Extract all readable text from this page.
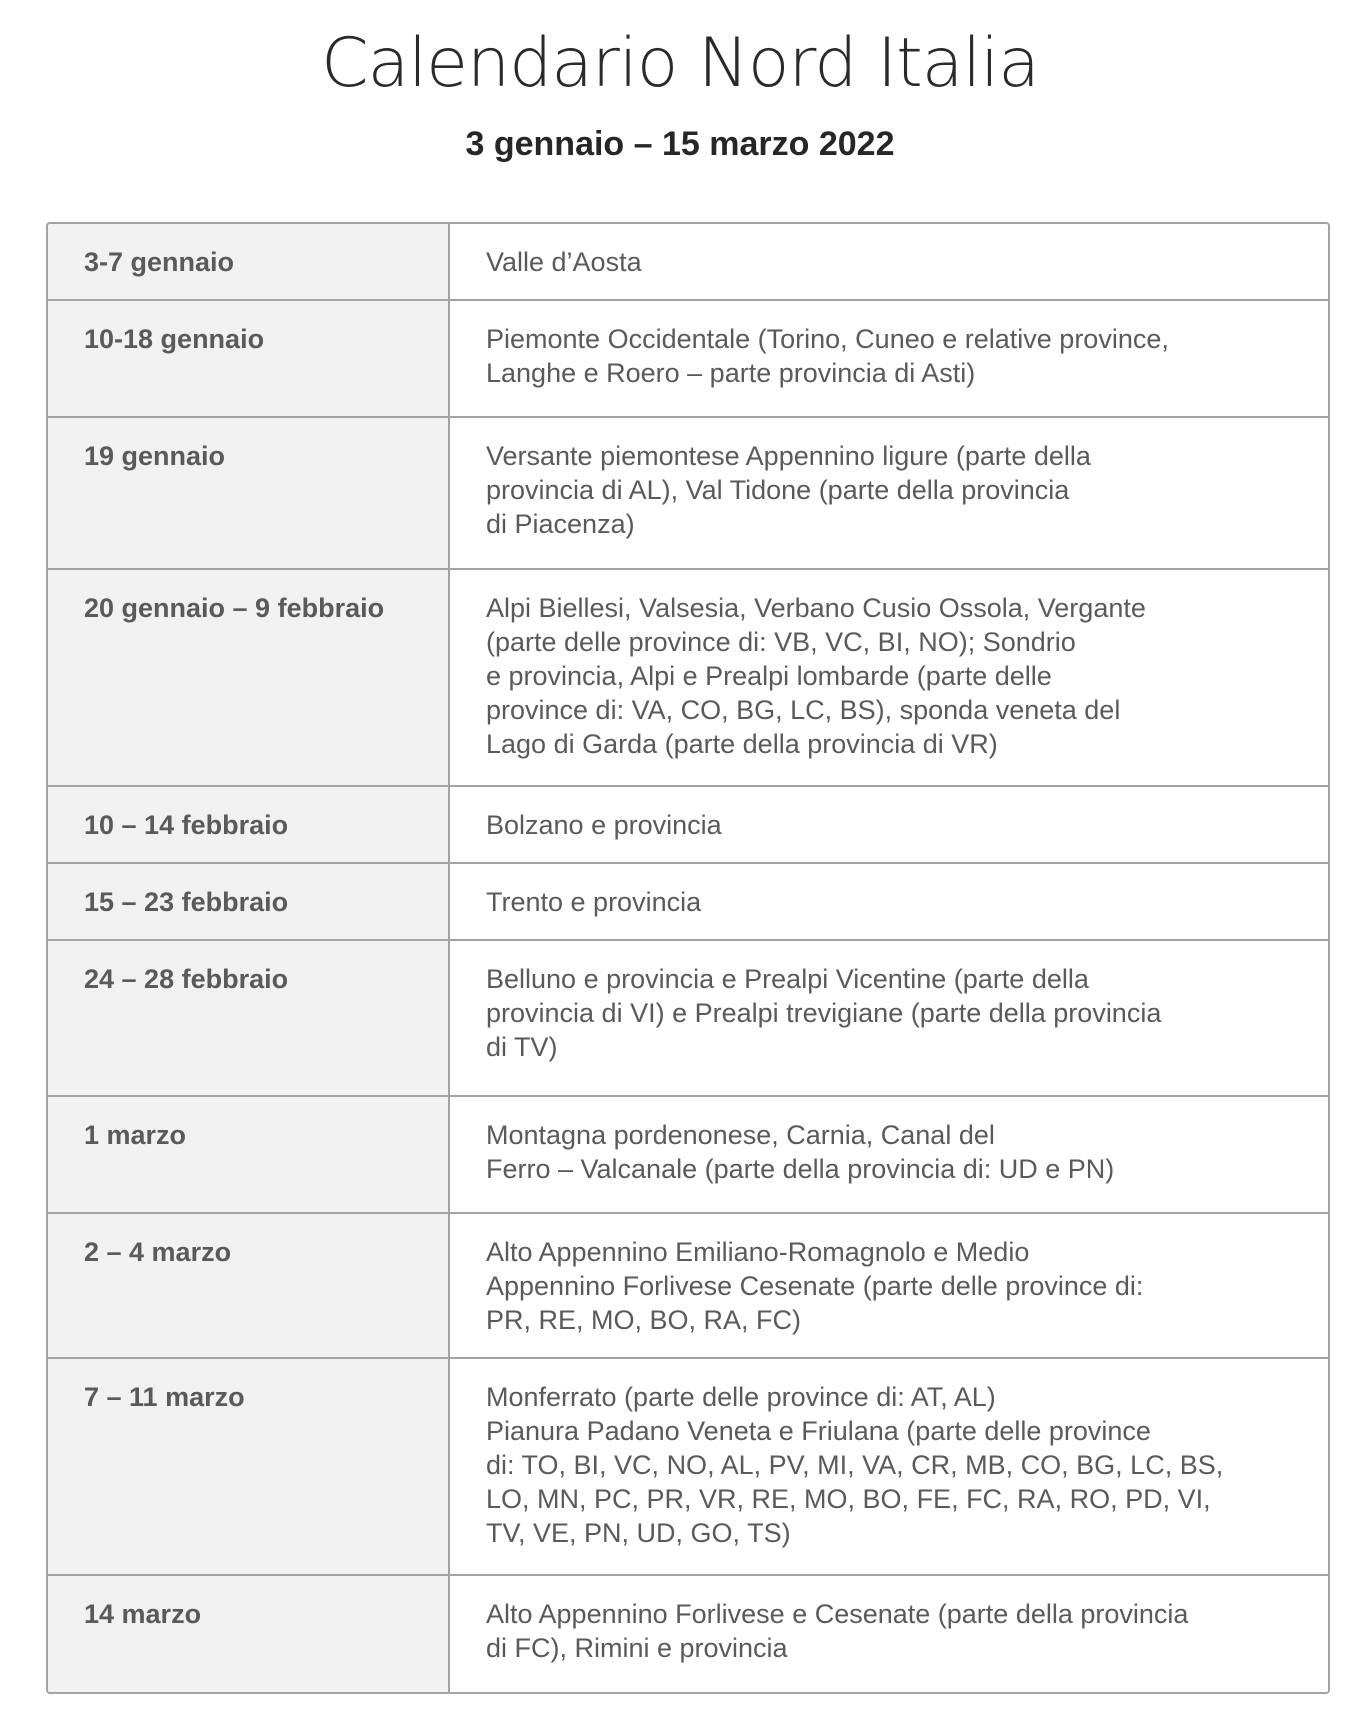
Calendario Nord Italia
3 gennaio – 15 marzo 2022
3-7 gennaio	Valle d’Aosta
10-18 gennaio	Piemonte Occidentale (Torino, Cuneo e relative province,
Langhe e Roero – parte provincia di Asti)
19 gennaio	Versante piemontese Appennino ligure (parte della
provincia di AL), Val Tidone (parte della provincia
di Piacenza)
20 gennaio – 9 febbraio	Alpi Biellesi, Valsesia, Verbano Cusio Ossola, Vergante
(parte delle province di: VB, VC, BI, NO); Sondrio
e provincia, Alpi e Prealpi lombarde (parte delle
province di: VA, CO, BG, LC, BS), sponda veneta del
Lago di Garda (parte della provincia di VR)
10 – 14 febbraio	Bolzano e provincia
15 – 23 febbraio	Trento e provincia
24 – 28 febbraio	Belluno e provincia e Prealpi Vicentine (parte della
provincia di VI) e Prealpi trevigiane (parte della provincia
di TV)
1 marzo	Montagna pordenonese, Carnia, Canal del
Ferro – Valcanale (parte della provincia di: UD e PN)
2 – 4 marzo	Alto Appennino Emiliano-Romagnolo e Medio
Appennino Forlivese Cesenate (parte delle province di:
PR, RE, MO, BO, RA, FC)
7 – 11 marzo	Monferrato (parte delle province di: AT, AL)
Pianura Padano Veneta e Friulana (parte delle province
di: TO, BI, VC, NO, AL, PV, MI, VA, CR, MB, CO, BG, LC, BS,
LO, MN, PC, PR, VR, RE, MO, BO, FE, FC, RA, RO, PD, VI,
TV, VE, PN, UD, GO, TS)
14 marzo	Alto Appennino Forlivese e Cesenate (parte della provincia
di FC), Rimini e provincia
